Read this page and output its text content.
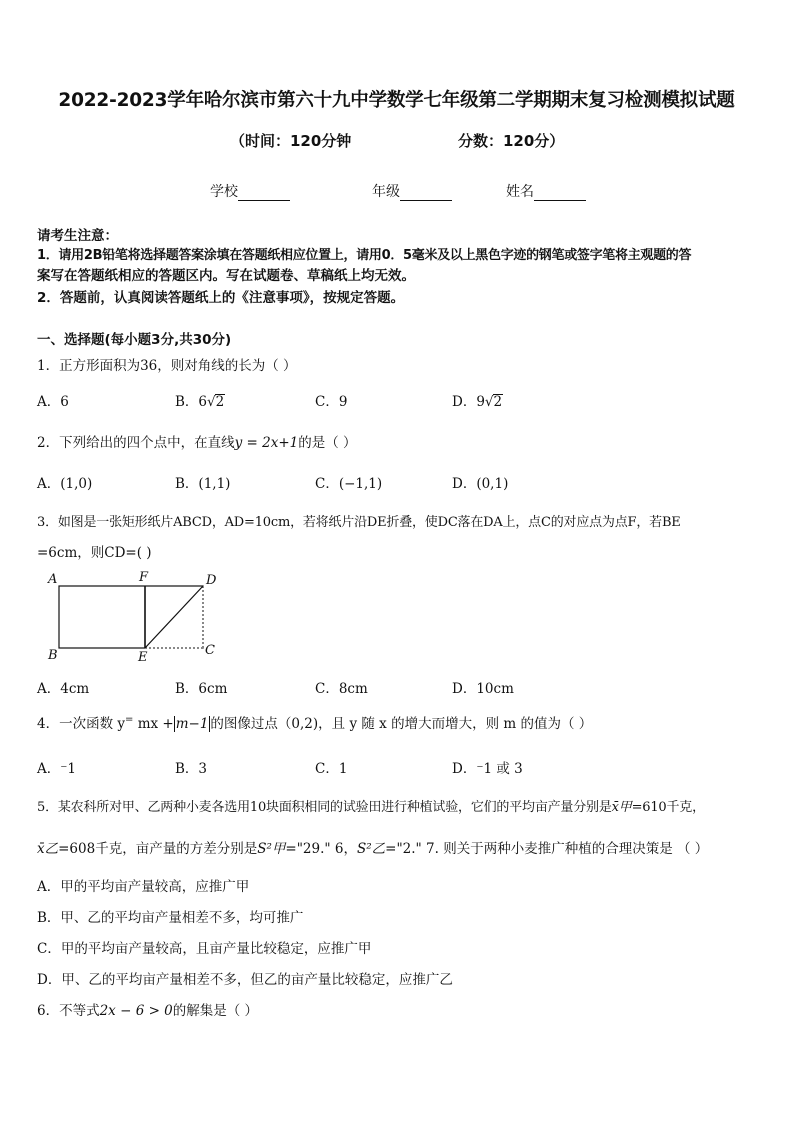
2022-2023学年哈尔滨市第六十九中学数学七年级第二学期期末复习检测模拟试题
（时间：120分钟	分数：120分）
学校	年级	姓名
请考生注意：
1．请用2B铅笔将选择题答案涂填在答题纸相应位置上，请用0．5毫米及以上黑色字迹的钢笔或签字笔将主观题的答
案写在答题纸相应的答题区内。写在试题卷、草稿纸上均无效。
2．答题前，认真阅读答题纸上的《注意事项》，按规定答题。
一、选择题(每小题3分,共30分)
1．正方形面积为36，则对角线的长为（ ）
A．6	B．6√2	C．9	D．9√2
2．下列给出的四个点中，在直线y = 2x+1的是（ ）
A．(1,0)	B．(1,1)	C．(−1,1)	D．(0,1)
3．如图是一张矩形纸片ABCD，AD=10cm，若将纸片沿DE折叠，使DC落在DA上，点C的对应点为点F，若BE
=6cm，则CD=( )
A	F	D
B	E	C
A．4cm	B．6cm	C．8cm	D．10cm
4．一次函数 y= mx + m−1 的图像过点（0,2)，且 y 随 x 的增大而增大，则 m 的值为（ ）
A．⁻1	B．3	C．1	D．⁻1 或 3
5．某农科所对甲、乙两种小麦各选用10块面积相同的试验田进行种植试验，它们的平均亩产量分别是x̄甲=610千克，
x̄乙=608千克，亩产量的方差分别是S²甲="29." 6，S²乙="2." 7. 则关于两种小麦推广种植的合理决策是 （ ）
A．甲的平均亩产量较高，应推广甲
B．甲、乙的平均亩产量相差不多，均可推广
C．甲的平均亩产量较高，且亩产量比较稳定，应推广甲
D．甲、乙的平均亩产量相差不多，但乙的亩产量比较稳定，应推广乙
6．不等式2x − 6 > 0的解集是（ ）
